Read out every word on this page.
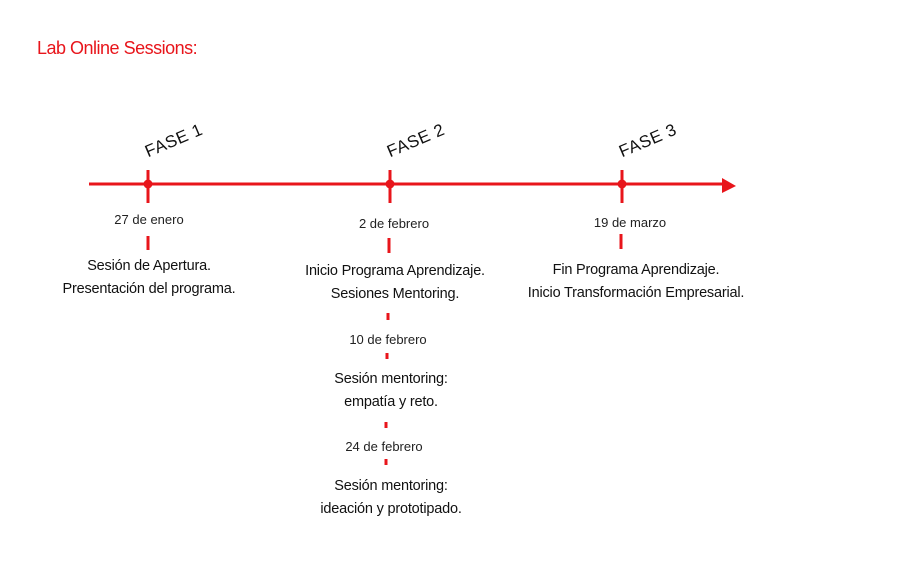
Lab Online Sessions:
FASE 1	FASE 2	FASE 3
27 de enero
Sesión de Apertura.
Presentación del programa.
2 de febrero
Inicio Programa Aprendizaje.
Sesiones Mentoring.
19 de marzo
Fin Programa Aprendizaje.
Inicio Transformación Empresarial.
10 de febrero
Sesión mentoring:
empatía y reto.
24 de febrero
Sesión mentoring:
ideación y prototipado.
